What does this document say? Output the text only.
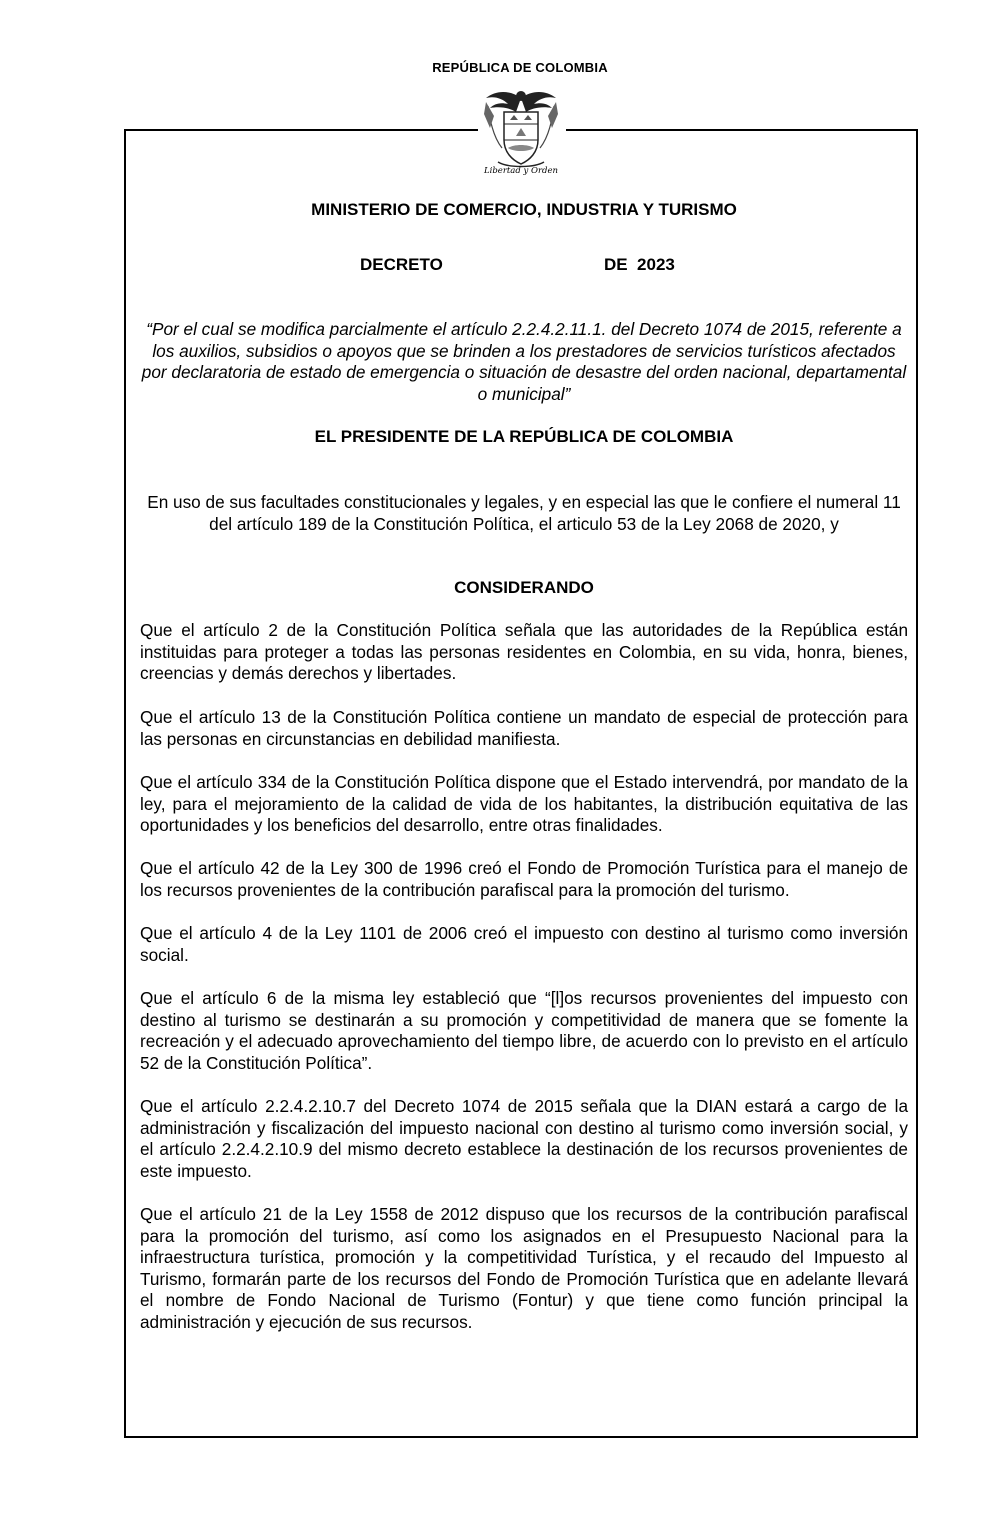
REPÚBLICA DE COLOMBIA
Libertad y Orden
MINISTERIO DE COMERCIO, INDUSTRIA Y TURISMO
DECRETO	DE  2023
“Por el cual se modifica parcialmente el artículo 2.2.4.2.11.1. del Decreto 1074 de 2015, referente a los auxilios, subsidios o apoyos que se brinden a los prestadores de servicios turísticos afectados por declaratoria de estado de emergencia o situación de desastre del orden nacional, departamental o municipal”
EL PRESIDENTE DE LA REPÚBLICA DE COLOMBIA
En uso de sus facultades constitucionales y legales, y en especial las que le confiere el numeral 11 del artículo 189 de la Constitución Política, el articulo 53 de la Ley 2068 de 2020, y
CONSIDERANDO
Que el artículo 2 de la Constitución Política señala que las autoridades de la República están instituidas para proteger a todas las personas residentes en Colombia, en su vida, honra, bienes, creencias y demás derechos y libertades.
Que el artículo 13 de la Constitución Política contiene un mandato de especial de protección para las personas en circunstancias en debilidad manifiesta.
Que el artículo 334 de la Constitución Política dispone que el Estado intervendrá, por mandato de la ley, para el mejoramiento de la calidad de vida de los habitantes, la distribución equitativa de las oportunidades y los beneficios del desarrollo, entre otras finalidades.
Que el artículo 42 de la Ley 300 de 1996 creó el Fondo de Promoción Turística para el manejo de los recursos provenientes de la contribución parafiscal para la promoción del turismo.
Que el artículo 4 de la Ley 1101 de 2006 creó el impuesto con destino al turismo como inversión social.
Que el artículo 6 de la misma ley estableció que “[l]os recursos provenientes del impuesto con destino al turismo se destinarán a su promoción y competitividad de manera que se fomente la recreación y el adecuado aprovechamiento del tiempo libre, de acuerdo con lo previsto en el artículo 52 de la Constitución Política”.
Que el artículo 2.2.4.2.10.7 del Decreto 1074 de 2015 señala que la DIAN estará a cargo de la administración y fiscalización del impuesto nacional con destino al turismo como inversión social, y el artículo 2.2.4.2.10.9 del mismo decreto establece la destinación de los recursos provenientes de este impuesto.
Que el artículo 21 de la Ley 1558 de 2012 dispuso que los recursos de la contribución parafiscal para la promoción del turismo, así como los asignados en el Presupuesto Nacional para la infraestructura turística, promoción y la competitividad Turística, y el recaudo del Impuesto al Turismo, formarán parte de los recursos del Fondo de Promoción Turística que en adelante llevará el nombre de Fondo Nacional de Turismo (Fontur) y que tiene como función principal la administración y ejecución de sus recursos.
